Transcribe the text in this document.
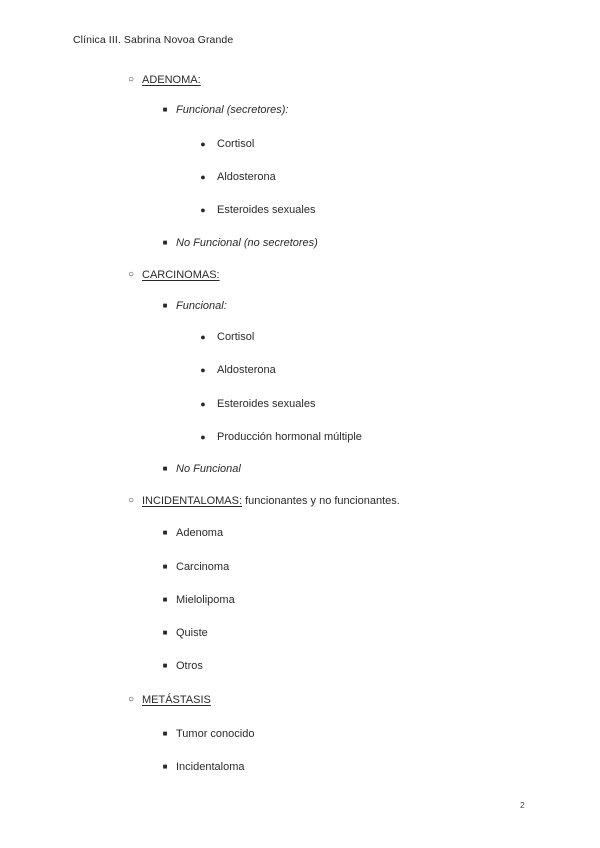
Clínica III. Sabrina Novoa Grande
○ ADENOMA:
■ Funcional (secretores):
●	Cortisol
●	Aldosterona
●	Esteroides sexuales
■ No Funcional (no secretores)
○ CARCINOMAS:
■ Funcional:
●	Cortisol
●	Aldosterona
●	Esteroides sexuales
●	Producción hormonal múltiple
■ No Funcional
○ INCIDENTALOMAS: funcionantes y no funcionantes.
■ Adenoma
■ Carcinoma
■ Mielolipoma
■ Quiste
■ Otros
○ METÁSTASIS
■ Tumor conocido
■ Incidentaloma
2
